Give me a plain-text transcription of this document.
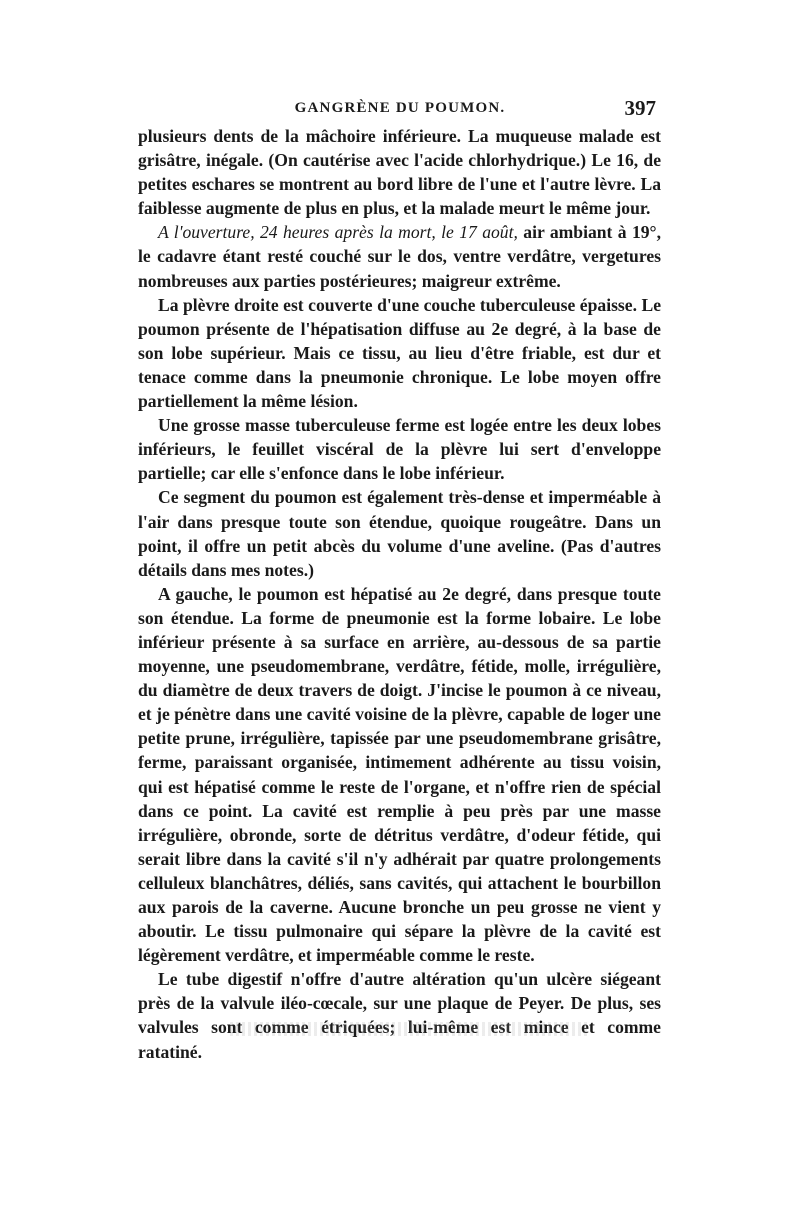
GANGRÈNE DU POUMON.	397

plusieurs dents de la mâchoire inférieure. La muqueuse malade est grisâtre, inégale. (On cautérise avec l'acide chlorhydrique.) Le 16, de petites eschares se montrent au bord libre de l'une et l'autre lèvre. La faiblesse augmente de plus en plus, et la malade meurt le même jour.

A l'ouverture, 24 heures après la mort, le 17 août, air ambiant à 19°, le cadavre étant resté couché sur le dos, ventre verdâtre, vergetures nombreuses aux parties postérieures; maigreur extrême.

La plèvre droite est couverte d'une couche tuberculeuse épaisse. Le poumon présente de l'hépatisation diffuse au 2e degré, à la base de son lobe supérieur. Mais ce tissu, au lieu d'être friable, est dur et tenace comme dans la pneumonie chronique. Le lobe moyen offre partiellement la même lésion.

Une grosse masse tuberculeuse ferme est logée entre les deux lobes inférieurs, le feuillet viscéral de la plèvre lui sert d'enveloppe partielle; car elle s'enfonce dans le lobe inférieur.

Ce segment du poumon est également très-dense et imperméable à l'air dans presque toute son étendue, quoique rougeâtre. Dans un point, il offre un petit abcès du volume d'une aveline. (Pas d'autres détails dans mes notes.)

A gauche, le poumon est hépatisé au 2e degré, dans presque toute son étendue. La forme de pneumonie est la forme lobaire. Le lobe inférieur présente à sa surface en arrière, au-dessous de sa partie moyenne, une pseudomembrane, verdâtre, fétide, molle, irrégulière, du diamètre de deux travers de doigt. J'incise le poumon à ce niveau, et je pénètre dans une cavité voisine de la plèvre, capable de loger une petite prune, irrégulière, tapissée par une pseudomembrane grisâtre, ferme, paraissant organisée, intimement adhérente au tissu voisin, qui est hépatisé comme le reste de l'organe, et n'offre rien de spécial dans ce point. La cavité est remplie à peu près par une masse irrégulière, obronde, sorte de détritus verdâtre, d'odeur fétide, qui serait libre dans la cavité s'il n'y adhérait par quatre prolongements celluleux blanchâtres, déliés, sans cavités, qui attachent le bourbillon aux parois de la caverne. Aucune bronche un peu grosse ne vient y aboutir. Le tissu pulmonaire qui sépare la plèvre de la cavité est légèrement verdâtre, et imperméable comme le reste.

Le tube digestif n'offre d'autre altération qu'un ulcère siégeant près de la valvule iléo-cœcale, sur une plaque de Peyer. De plus, ses valvules sont comme étriquées; lui-même est mince et comme ratatiné.
